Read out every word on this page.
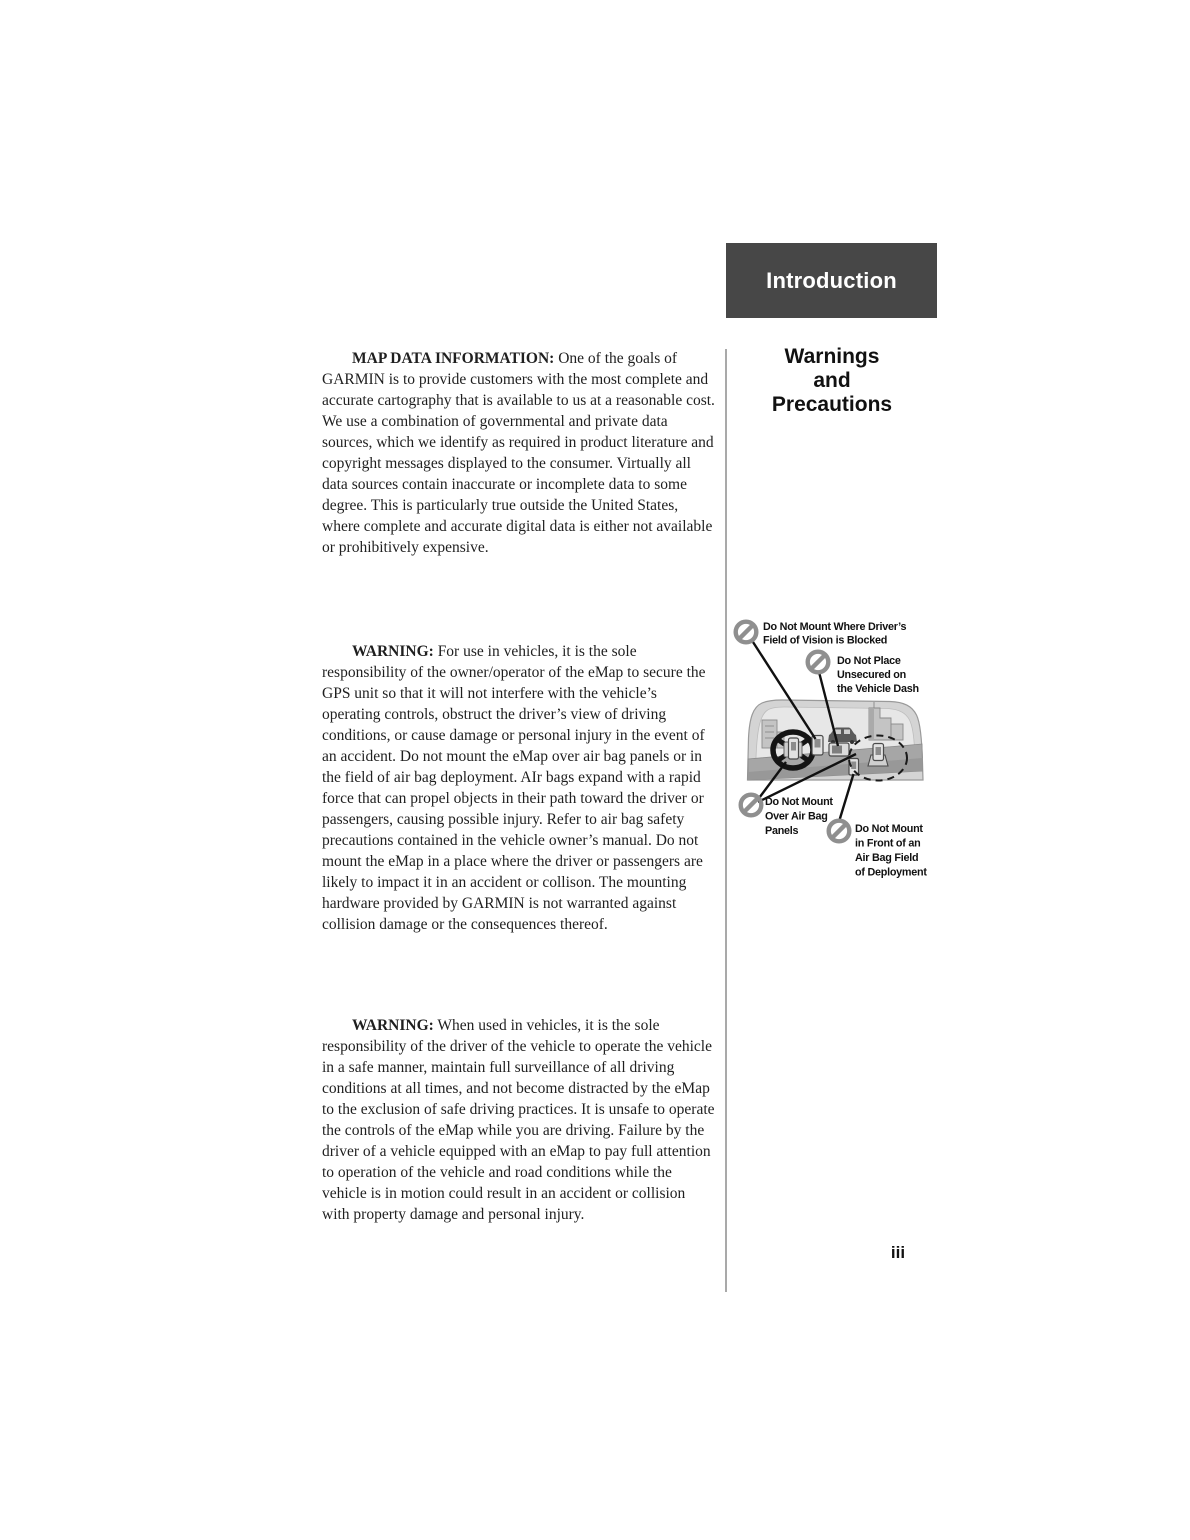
Introduction
Warnings
and
Precautions

MAP DATA INFORMATION: One of the goals of GARMIN is to provide customers with the most complete and accurate cartography that is available to us at a reasonable cost. We use a combination of governmental and private data sources, which we identify as required in product literature and copyright messages displayed to the consumer. Virtually all data sources contain inaccurate or incomplete data to some degree. This is particularly true outside the United States, where complete and accurate digital data is either not available or prohibitively expensive.

WARNING: For use in vehicles, it is the sole responsibility of the owner/operator of the eMap to secure the GPS unit so that it will not interfere with the vehicle’s operating controls, obstruct the driver’s view of driving conditions, or cause damage or personal injury in the event of an accident. Do not mount the eMap over air bag panels or in the field of air bag deployment. AIr bags expand with a rapid force that can propel objects in their path toward the driver or passengers, causing possible injury. Refer to air bag safety precautions contained in the vehicle owner’s manual. Do not mount the eMap in a place where the driver or passengers are likely to impact it in an accident or collison. The mounting hardware provided by GARMIN is not warranted against collision damage or the consequences thereof.

WARNING: When used in vehicles, it is the sole responsibility of the driver of the vehicle to operate the vehicle in a safe manner, maintain full surveillance of all driving conditions at all times, and not become distracted by the eMap to the exclusion of safe driving practices. It is unsafe to operate the controls of the eMap while you are driving. Failure by the driver of a vehicle equipped with an eMap to pay full attention to operation of the vehicle and road conditions while the vehicle is in motion could result in an accident or collision with property damage and personal injury.

Do Not Mount Where Driver’s
Field of Vision is Blocked
Do Not Place
Unsecured on
the Vehicle Dash
Do Not Mount
Over Air Bag
Panels	Do Not Mount
in Front of an
Air Bag Field
of Deployment
iii
